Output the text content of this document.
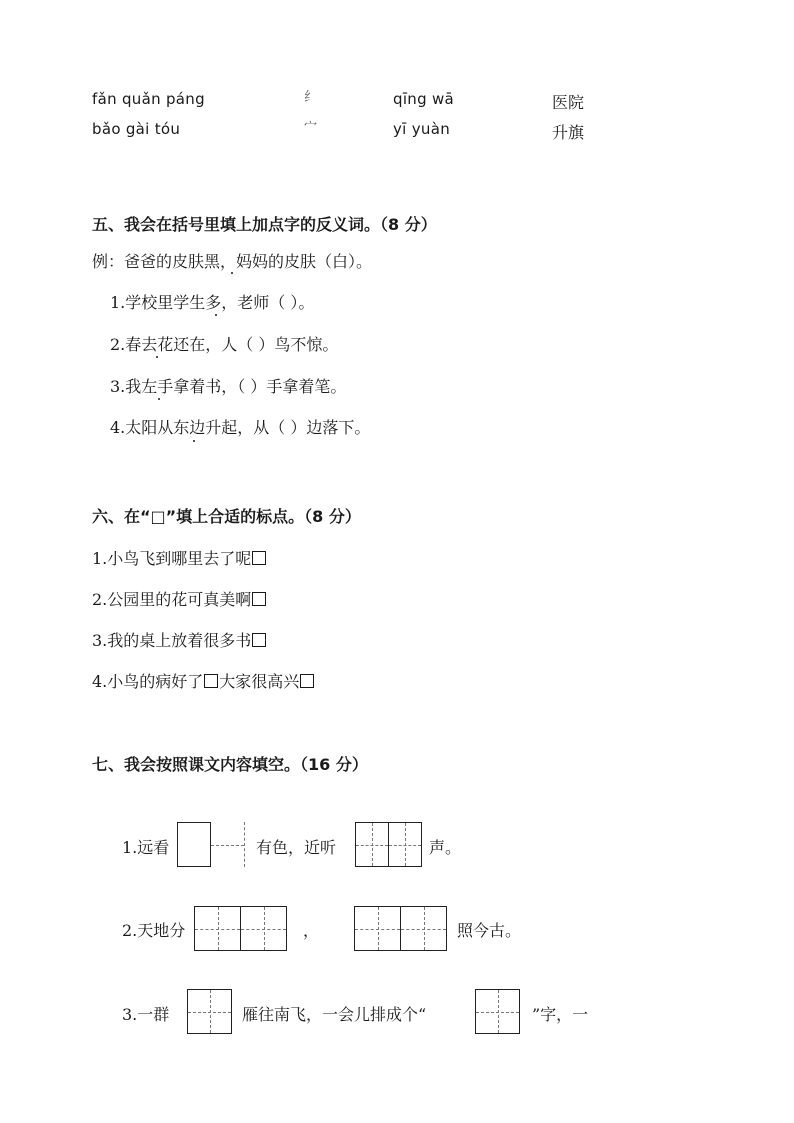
fǎn quǎn páng	纟	qīng wā	医院
bǎo gài tóu	宀	yī yuàn	升旗
五、我会在括号里填上加点字的反义词。（8 分）
例：爸爸的皮肤黑，妈妈的皮肤（白）。
1.学校里学生多，老师（ ）。
2.春去花还在，人（ ）鸟不惊。
3.我左手拿着书，（ ）手拿着笔。
4.太阳从东边升起，从（ ）边落下。
六、在“□”填上合适的标点。（8 分）
1.小鸟飞到哪里去了呢
2.公园里的花可真美啊
3.我的桌上放着很多书
4.小鸟的病好了 大家很高兴
七、我会按照课文内容填空。（16 分）
1.远看	有色，近听	声。
2.天地分	，	照今古。
3.一群	雁往南飞，一会儿排成个“	”字，一
